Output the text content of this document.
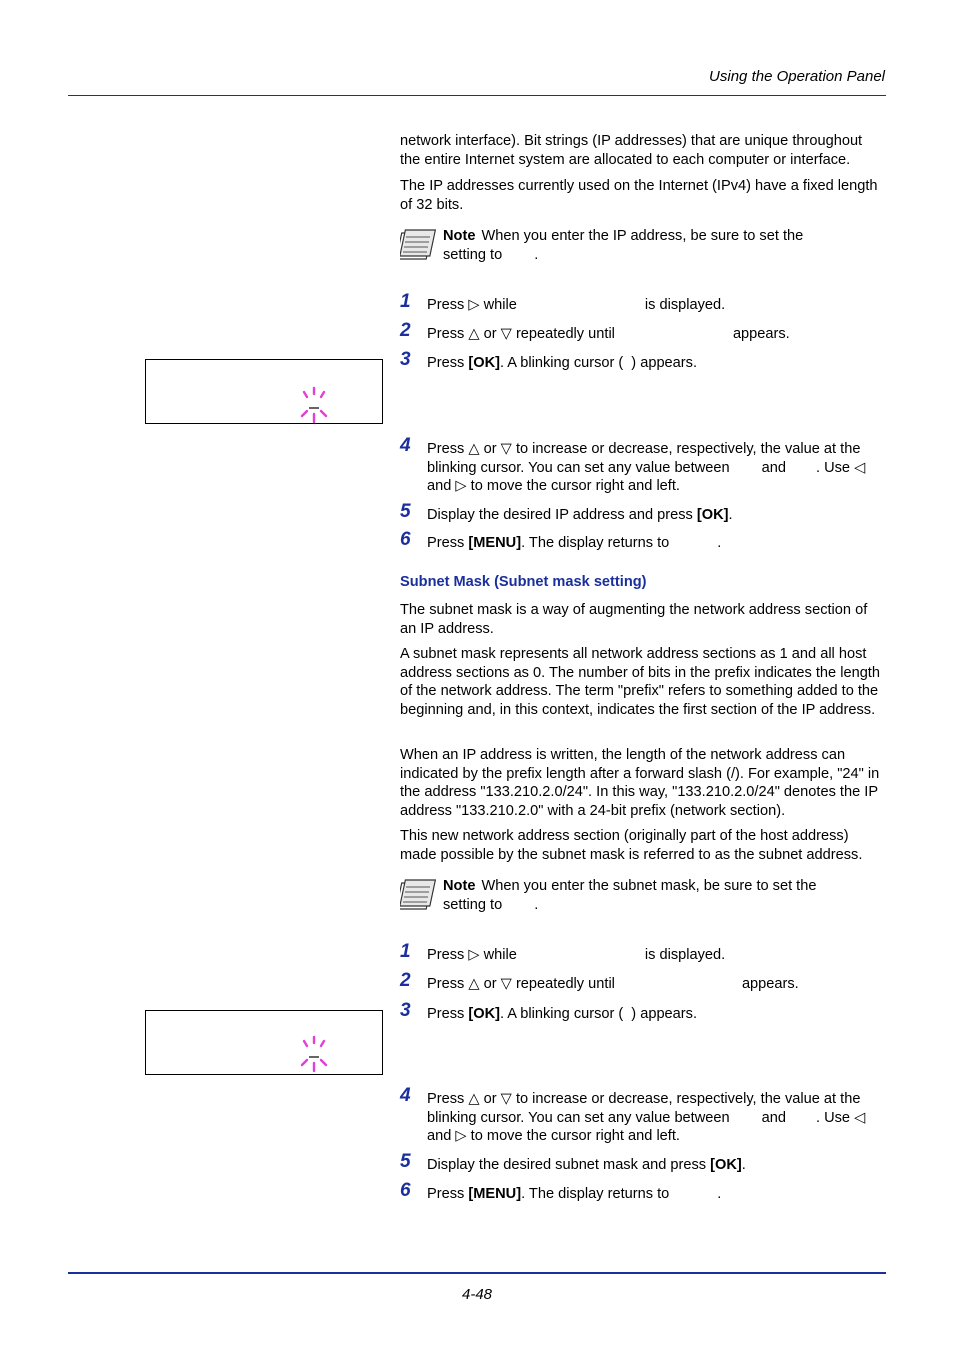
Using the Operation Panel
network interface). Bit strings (IP addresses) that are unique throughout the entire Internet system are allocated to each computer or interface.
The IP addresses currently used on the Internet (IPv4) have a fixed length of 32 bits.
Note When you enter the IP address, be sure to set the
setting to .
1	Press ▷ while	is displayed.
2	Press △ or ▽ repeatedly until	appears.
3	Press [OK]. A blinking cursor ( ) appears.
4	Press △ or ▽ to increase or decrease, respectively, the value at the blinking cursor. You can set any value between and . Use ◁ and ▷ to move the cursor right and left.
5	Display the desired IP address and press [OK].
6	Press [MENU]. The display returns to	.
Subnet Mask (Subnet mask setting)
The subnet mask is a way of augmenting the network address section of an IP address.
A subnet mask represents all network address sections as 1 and all host address sections as 0. The number of bits in the prefix indicates the length of the network address. The term "prefix" refers to something added to the beginning and, in this context, indicates the first section of the IP address.
When an IP address is written, the length of the network address can indicated by the prefix length after a forward slash (/). For example, "24" in the address "133.210.2.0/24". In this way, "133.210.2.0/24" denotes the IP address "133.210.2.0" with a 24-bit prefix (network section).
This new network address section (originally part of the host address) made possible by the subnet mask is referred to as the subnet address.
Note When you enter the subnet mask, be sure to set the
setting to .
1	Press ▷ while	is displayed.
2	Press △ or ▽ repeatedly until	appears.
3	Press [OK]. A blinking cursor ( ) appears.
4	Press △ or ▽ to increase or decrease, respectively, the value at the blinking cursor. You can set any value between and . Use ◁ and ▷ to move the cursor right and left.
5	Display the desired subnet mask and press [OK].
6	Press [MENU]. The display returns to	.
4-48
